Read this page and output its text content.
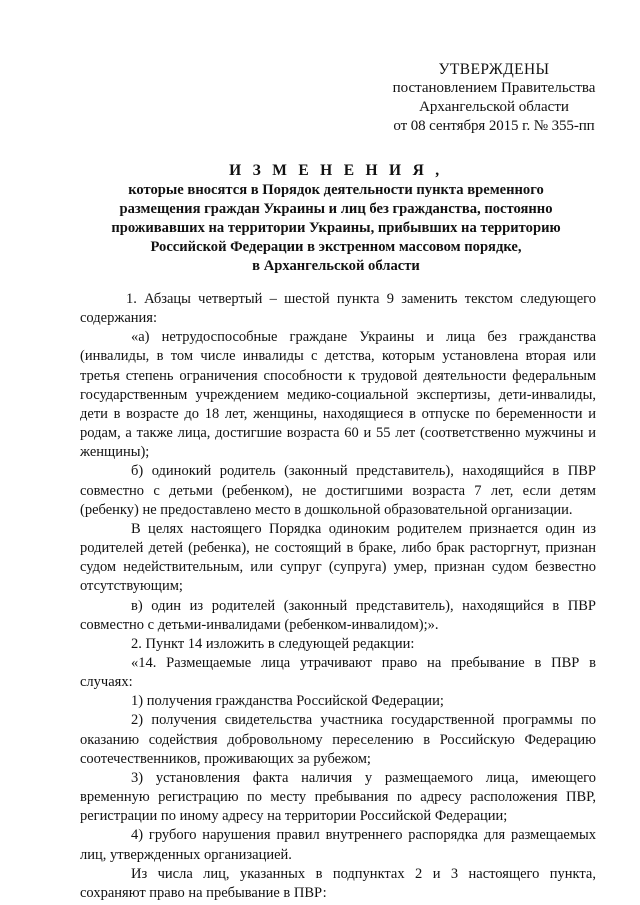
УТВЕРЖДЕНЫ
постановлением Правительства
Архангельской области
от 08 сентября 2015 г. № 355-пп
И З М Е Н Е Н И Я ,
которые вносятся в Порядок деятельности пункта временного
размещения граждан Украины и лиц без гражданства, постоянно
проживавших на территории Украины, прибывших на территорию
Российской Федерации в экстренном массовом порядке,
в Архангельской области

1. Абзацы четвертый – шестой пункта 9 заменить текстом следующего содержания:

«а) нетрудоспособные граждане Украины и лица без гражданства (инвалиды, в том числе инвалиды с детства, которым установлена вторая или третья степень ограничения способности к трудовой деятельности федеральным государственным учреждением медико-социальной экспертизы, дети-инвалиды, дети в возрасте до 18 лет, женщины, находящиеся в отпуске по беременности и родам, а также лица, достигшие возраста 60 и 55 лет (соответственно мужчины и женщины);

б) одинокий родитель (законный представитель), находящийся в ПВР совместно с детьми (ребенком), не достигшими возраста 7 лет, если детям (ребенку) не предоставлено место в дошкольной образовательной организации.

В целях настоящего Порядка одиноким родителем признается один из родителей детей (ребенка), не состоящий в браке, либо брак расторгнут, признан судом недействительным, или супруг (супруга) умер, признан судом безвестно отсутствующим;

в) один из родителей (законный представитель), находящийся в ПВР совместно с детьми-инвалидами (ребенком-инвалидом);».

2. Пункт 14 изложить в следующей редакции:

«14. Размещаемые лица утрачивают право на пребывание в ПВР в случаях:

1) получения гражданства Российской Федерации;

2) получения свидетельства участника государственной программы по оказанию содействия добровольному переселению в Российскую Федерацию соотечественников, проживающих за рубежом;

3) установления факта наличия у размещаемого лица, имеющего временную регистрацию по месту пребывания по адресу расположения ПВР, регистрации по иному адресу на территории Российской Федерации;

4) грубого нарушения правил внутреннего распорядка для размещаемых лиц, утвержденных организацией.

Из числа лиц, указанных в подпунктах 2 и 3 настоящего пункта, сохраняют право на пребывание в ПВР:
